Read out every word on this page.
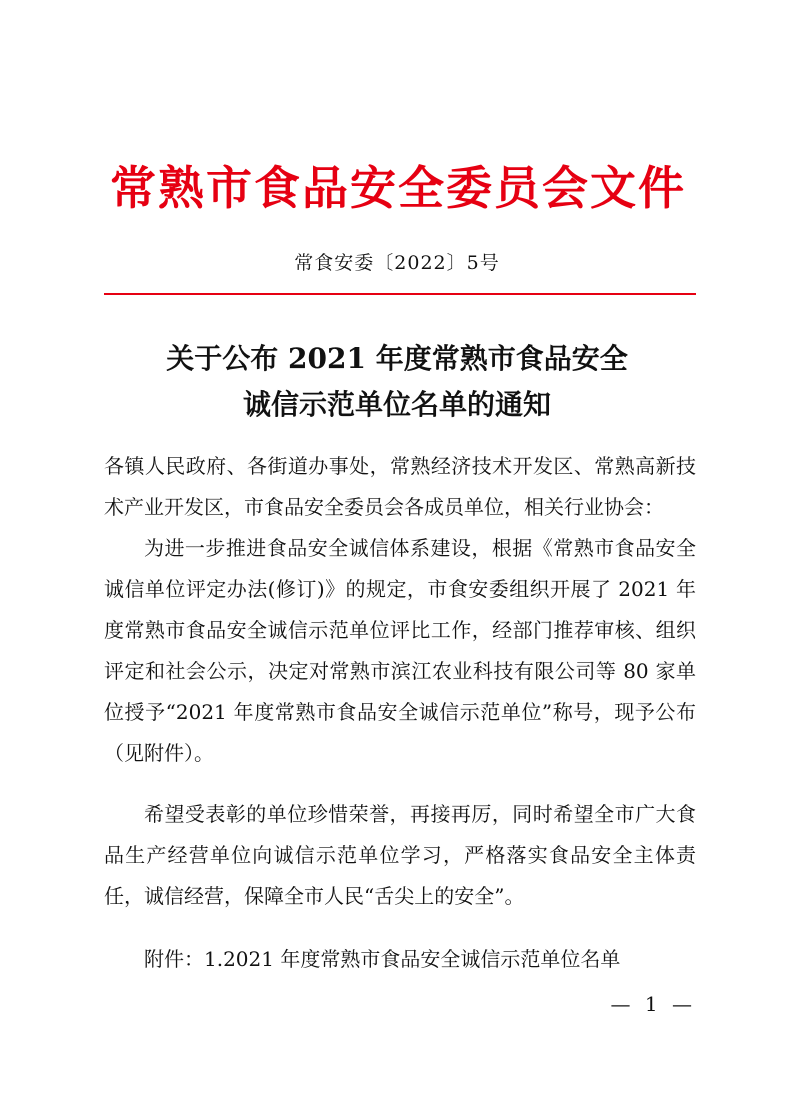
常熟市食品安全委员会文件
常食安委〔2022〕5号
关于公布 2021 年度常熟市食品安全
诚信示范单位名单的通知

各镇人民政府、各街道办事处，常熟经济技术开发区、常熟高新技术产业开发区，市食品安全委员会各成员单位，相关行业协会：

为进一步推进食品安全诚信体系建设，根据《常熟市食品安全诚信单位评定办法(修订)》的规定，市食安委组织开展了 2021 年度常熟市食品安全诚信示范单位评比工作，经部门推荐审核、组织评定和社会公示，决定对常熟市滨江农业科技有限公司等 80 家单位授予“2021 年度常熟市食品安全诚信示范单位”称号，现予公布（见附件）。

希望受表彰的单位珍惜荣誉，再接再厉，同时希望全市广大食品生产经营单位向诚信示范单位学习，严格落实食品安全主体责任，诚信经营，保障全市人民“舌尖上的安全”。

附件：1.2021 年度常熟市食品安全诚信示范单位名单

— 1 —
